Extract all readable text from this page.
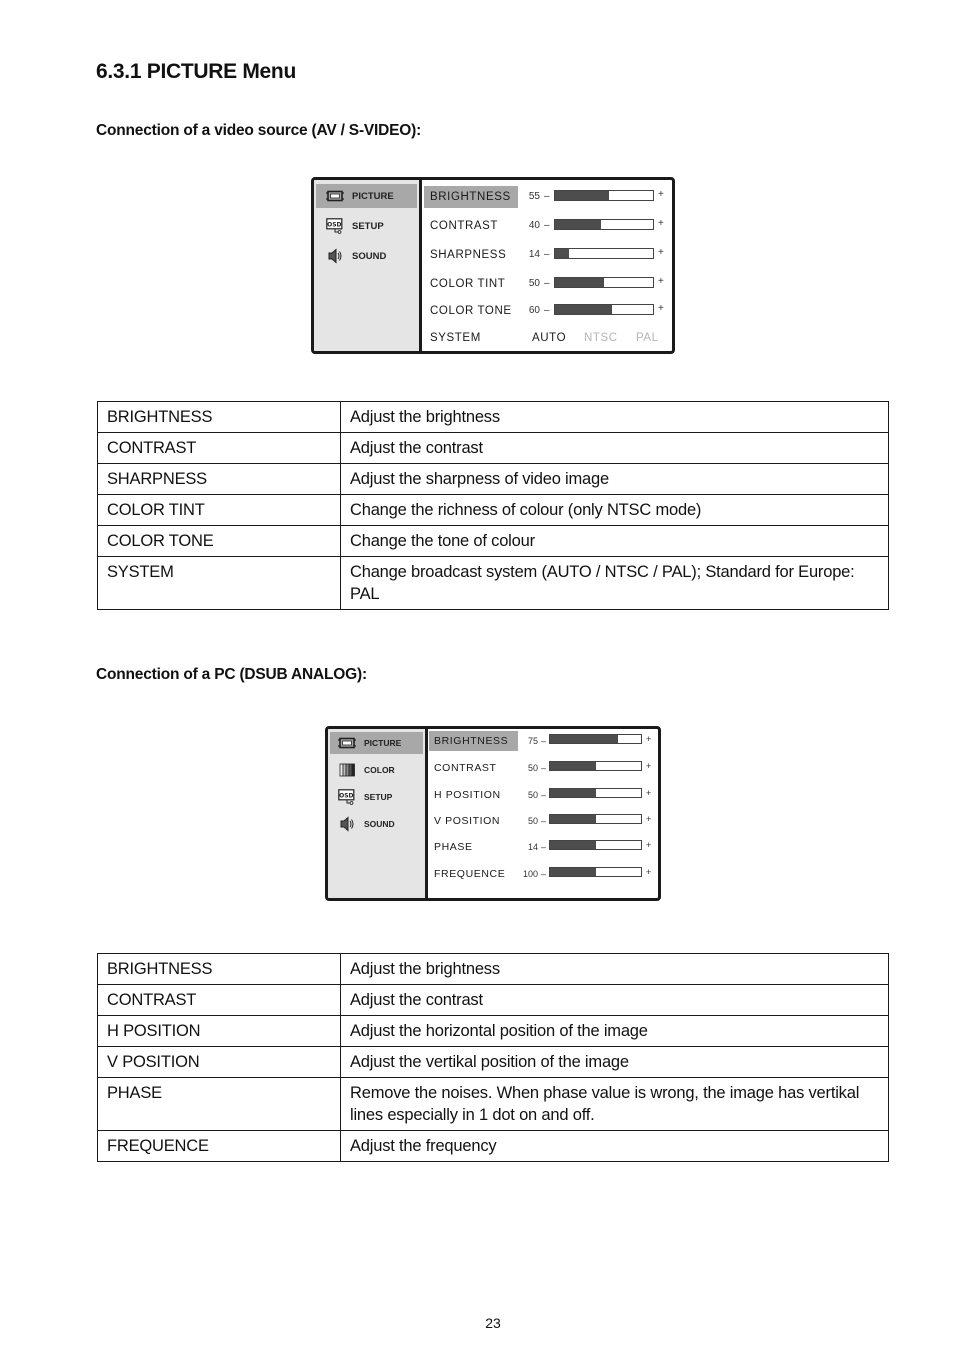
6.3.1 PICTURE Menu
Connection of a video source (AV / S-VIDEO):
PICTURE
OSD SETUP
SOUND
BRIGHTNESS	55 –	+
CONTRAST	40 –	+
SHARPNESS	14 –	+
COLOR TINT	50 –	+
COLOR TONE	60 –	+
SYSTEM	AUTO NTSC PAL
BRIGHTNESS	Adjust the brightness
CONTRAST	Adjust the contrast
SHARPNESS	Adjust the sharpness of video image
COLOR TINT	Change the richness of colour (only NTSC mode)
COLOR TONE	Change the tone of colour
SYSTEM	Change broadcast system (AUTO / NTSC / PAL); Standard for Europe: PAL
Connection of a PC (DSUB ANALOG):
PICTURE
COLOR
OSD SETUP
SOUND
BRIGHTNESS	75 –	+
CONTRAST	50 –	+
H POSITION	50 –	+
V POSITION	50 –	+
PHASE	14 –	+
FREQUENCE	100 –	+
BRIGHTNESS	Adjust the brightness
CONTRAST	Adjust the contrast
H POSITION	Adjust the horizontal position of the image
V POSITION	Adjust the vertikal position of the image
PHASE	Remove the noises. When phase value is wrong, the image has vertikal lines especially in 1 dot on and off.
FREQUENCE	Adjust the frequency
23
